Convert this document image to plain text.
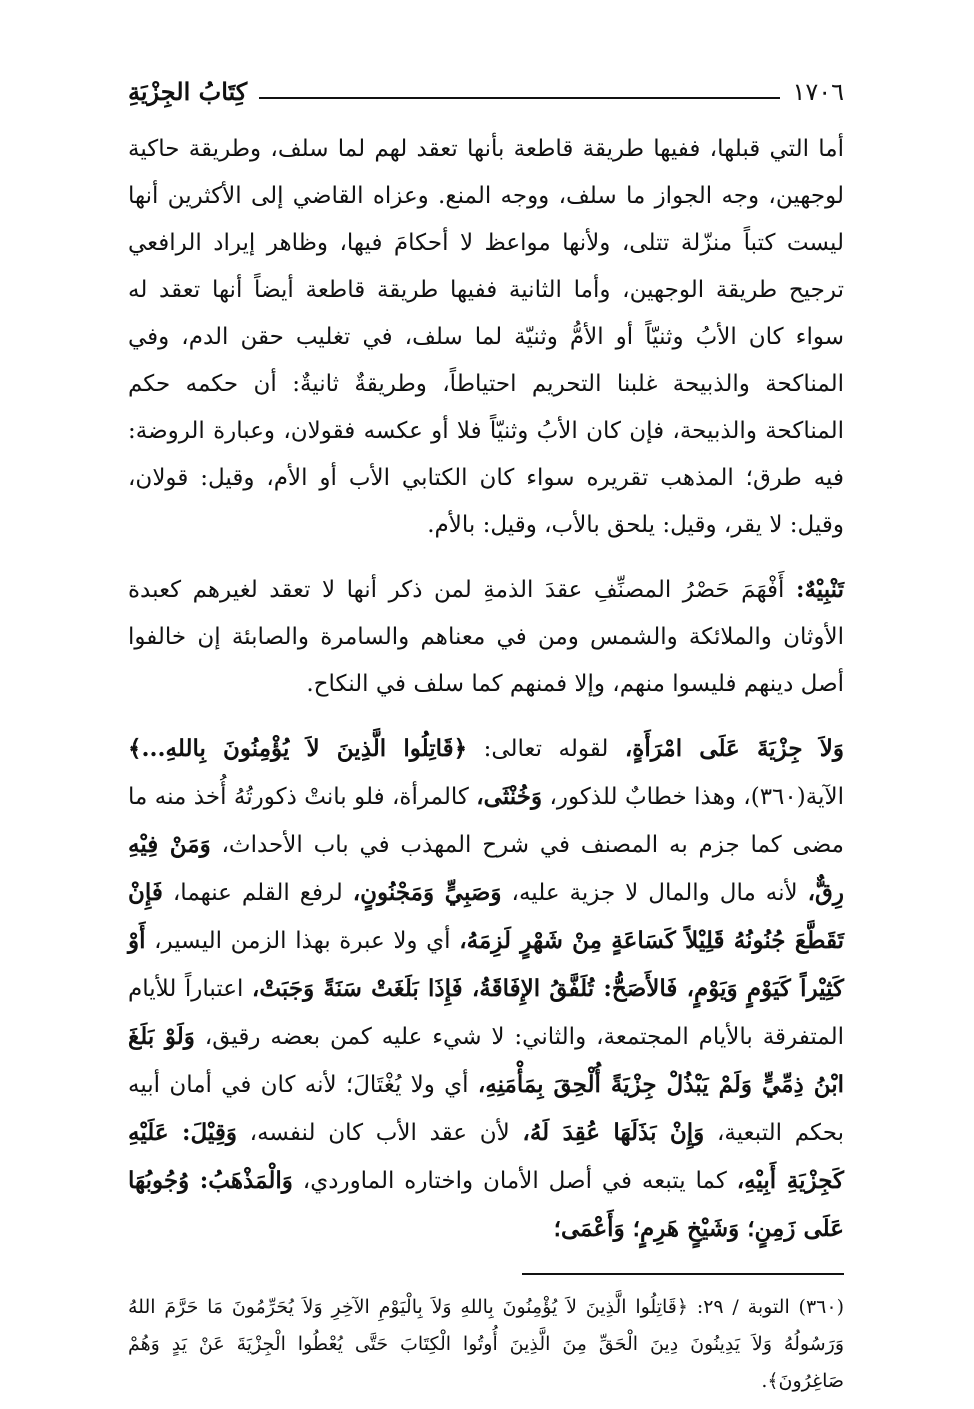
١٧٠٦
كِتَابُ الجِزْيَةِ

أما التي قبلها، ففيها طريقة قاطعة بأنها تعقد لهم لما سلف، وطريقة حاكية لوجهين، وجه الجواز ما سلف، ووجه المنع. وعزاه القاضي إلى الأكثرين أنها ليست كتباً منزّلة تتلى، ولأنها مواعظ لا أحكامَ فيها، وظاهر إيراد الرافعي ترجيح طريقة الوجهين، وأما الثانية ففيها طريقة قاطعة أيضاً أنها تعقد له سواء كان الأبُ وثنيّاً أو الأمُّ وثنيّة لما سلف، في تغليب حقن الدم، وفي المناكحة والذبيحة غلبنا التحريم احتياطاً، وطريقةٌ ثانيةٌ: أن حكمه حكم المناكحة والذبيحة، فإن كان الأبُ وثنيّاً فلا أو عكسه فقولان، وعبارة الروضة: فيه طرق؛ المذهب تقريره سواء كان الكتابي الأب أو الأم، وقيل: قولان، وقيل: لا يقر، وقيل: يلحق بالأب، وقيل: بالأم.

تَنْبِيْهٌ: أَفْهَمَ حَصْرُ المصنِّفِ عقدَ الذمةِ لمن ذكر أنها لا تعقد لغيرهم كعبدة الأوثان والملائكة والشمس ومن في معناهم والسامرة والصابئة إن خالفوا أصل دينهم فليسوا منهم، وإلا فمنهم كما سلف في النكاح.

وَلاَ جِزْيَةَ عَلَى امْرَأَةٍ، لقوله تعالى: ﴿قَاتِلُوا الَّذِينَ لاَ يُؤْمِنُونَ بِاللهِ...﴾ الآية(٣٦٠)، وهذا خطابٌ للذكور، وَخُنْثَى، كالمرأة، فلو بانتْ ذكورتُهُ أُخذ منه ما مضى كما جزم به المصنف في شرح المهذب في باب الأحداث، وَمَنْ فِيْهِ رِقٌّ، لأنه مال والمال لا جزية عليه، وَصَبِيٍّ وَمَجْنُونٍ، لرفع القلم عنهما، فَإِنْ تَقَطَّعَ جُنُونُهُ قَلِيْلاً كَسَاعَةٍ مِنْ شَهْرٍ لَزِمَهُ، أي ولا عبرة بهذا الزمن اليسير، أَوْ كَثِيْراً كَيَوْمٍ وَيَوْمٍ، فَالأَصَحُّ: تُلَفَّقُ الإِفَاقَةُ، فَإِذَا بَلَغَتْ سَنَةً وَجَبَتْ، اعتباراً للأيام المتفرقة بالأيام المجتمعة، والثاني: لا شيء عليه كمن بعضه رقيق، وَلَوْ بَلَغَ ابْنُ ذِمِّيٍّ وَلَمْ يَبْذُلْ جِزْيَةً أُلْحِقَ بِمَأْمَنِهِ، أي ولا يُغْتَالَ؛ لأنه كان في أمان أبيه بحكم التبعية، وَإِنْ بَذَلَهَا عُقِدَ لَهُ، لأن عقد الأب كان لنفسه، وَقِيْلَ: عَلَيْهِ كَجِزْيَةِ أَبِيْهِ، كما يتبعه في أصل الأمان واختاره الماوردي، وَالْمَذْهَبُ: وُجُوبُهَا عَلَى زَمِنٍ؛ وَشَيْخٍ هَرِمٍ؛ وَأَعْمَى؛

(٣٦٠) التوبة / ٢٩: ﴿قَاتِلُوا الَّذِينَ لاَ يُؤْمِنُونَ بِاللهِ وَلاَ بِالْيَوْمِ الآخِرِ وَلاَ يُحَرِّمُونَ مَا حَرَّمَ اللهُ وَرَسُولُهُ وَلاَ يَدِينُونَ دِينَ الْحَقِّ مِنَ الَّذِينَ أُوتُوا الْكِتَابَ حَتَّى يُعْطُوا الْجِزْيَةَ عَنْ يَدٍ وَهُمْ صَاغِرُونَ﴾.
